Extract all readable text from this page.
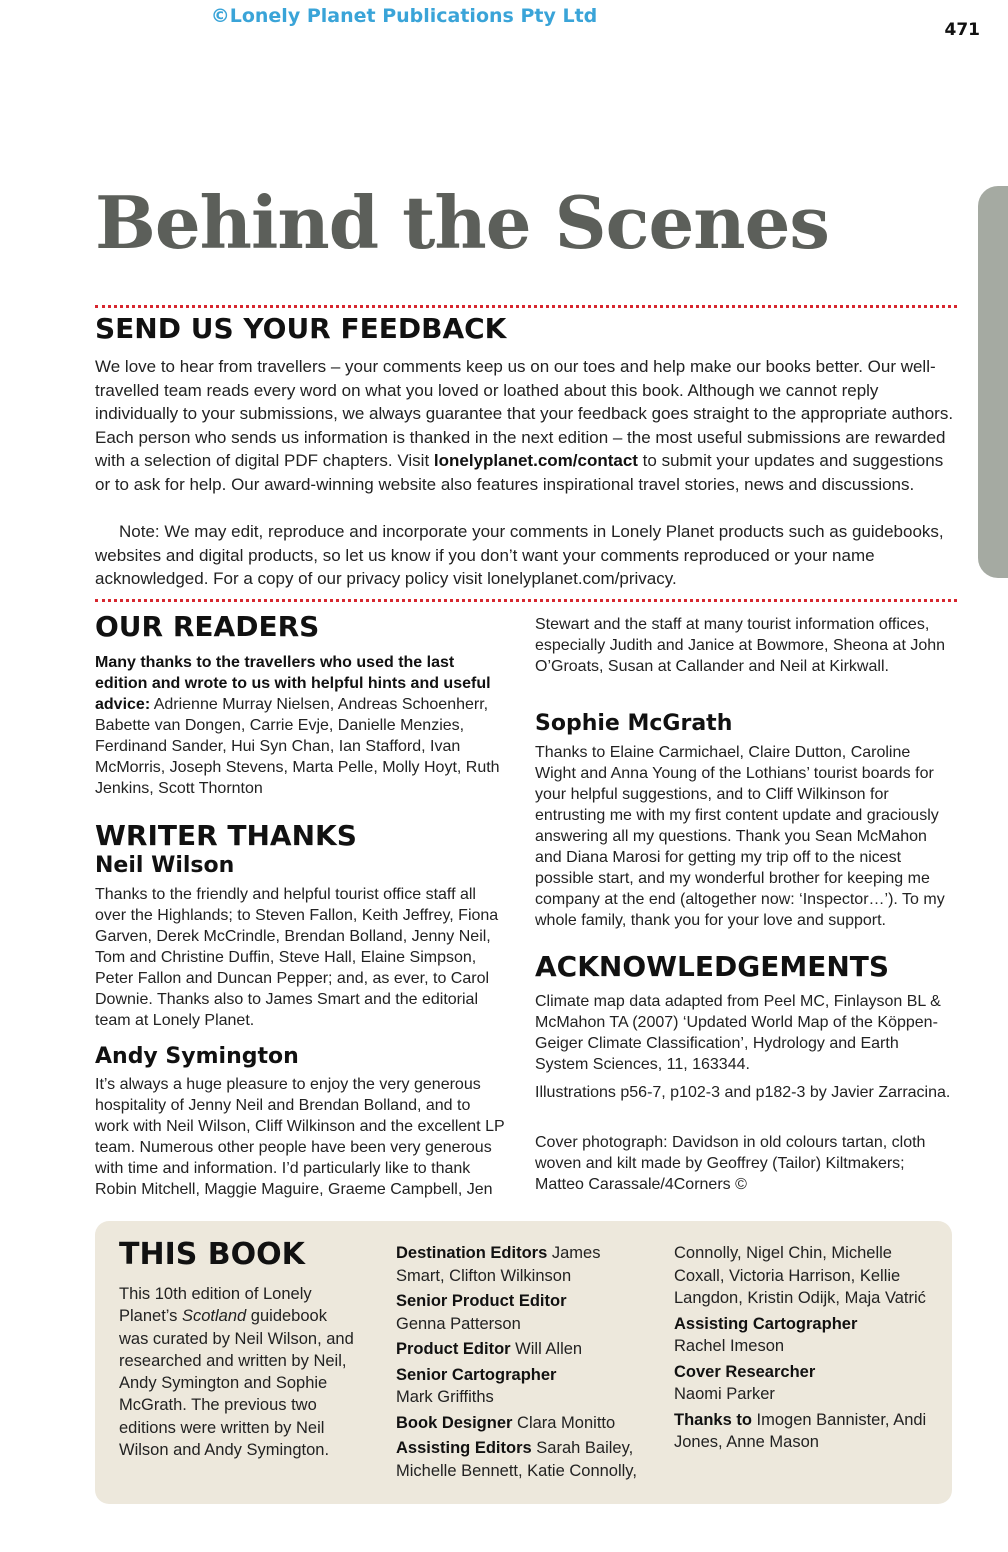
©Lonely Planet Publications Pty Ltd
471
Behind the Scenes
SEND US YOUR FEEDBACK

We love to hear from travellers – your comments keep us on our toes and help make our books better. Our well-travelled team reads every word on what you loved or loathed about this book. Although we cannot reply individually to your submissions, we always guarantee that your feedback goes straight to the appropriate authors. Each person who sends us information is thanked in the next edition – the most useful submissions are rewarded with a selection of digital PDF chapters. Visit lonelyplanet.com/contact to submit your updates and suggestions or to ask for help. Our award-winning website also features inspirational travel stories, news and discussions.

Note: We may edit, reproduce and incorporate your comments in Lonely Planet products such as guidebooks, websites and digital products, so let us know if you don’t want your comments reproduced or your name acknowledged. For a copy of our privacy policy visit lonelyplanet.com/privacy.

OUR READERS

Many thanks to the travellers who used the last edition and wrote to us with helpful hints and useful advice: Adrienne Murray Nielsen, Andreas Schoenherr, Babette van Dongen, Carrie Evje, Danielle Menzies, Ferdinand Sander, Hui Syn Chan, Ian Stafford, Ivan McMorris, Joseph Stevens, Marta Pelle, Molly Hoyt, Ruth Jenkins, Scott Thornton

WRITER THANKS
Neil Wilson

Thanks to the friendly and helpful tourist office staff all over the Highlands; to Steven Fallon, Keith Jeffrey, Fiona Garven, Derek McCrindle, Brendan Bolland, Jenny Neil, Tom and Christine Duffin, Steve Hall, Elaine Simpson, Peter Fallon and Duncan Pepper; and, as ever, to Carol Downie. Thanks also to James Smart and the editorial team at Lonely Planet.

Andy Symington

It’s always a huge pleasure to enjoy the very generous hospitality of Jenny Neil and Brendan Bolland, and to work with Neil Wilson, Cliff Wilkinson and the excellent LP team. Numerous other people have been very generous with time and information. I’d particularly like to thank Robin Mitchell, Maggie Maguire, Graeme Campbell, Jen

Stewart and the staff at many tourist information offices, especially Judith and Janice at Bowmore, Sheona at John O’Groats, Susan at Callander and Neil at Kirkwall.

Sophie McGrath

Thanks to Elaine Carmichael, Claire Dutton, Caroline Wight and Anna Young of the Lothians’ tourist boards for your helpful suggestions, and to Cliff Wilkinson for entrusting me with my first content update and graciously answering all my questions. Thank you Sean McMahon and Diana Marosi for getting my trip off to the nicest possible start, and my wonderful brother for keeping me company at the end (altogether now: ‘Inspector…’). To my whole family, thank you for your love and support.

ACKNOWLEDGEMENTS

Climate map data adapted from Peel MC, Finlayson BL & McMahon TA (2007) ‘Updated World Map of the Köppen-Geiger Climate Classification’, Hydrology and Earth System Sciences, 11, 163344.

Illustrations p56-7, p102-3 and p182-3 by Javier Zarracina.

Cover photograph: Davidson in old colours tartan, cloth woven and kilt made by Geoffrey (Tailor) Kiltmakers; Matteo Carassale/4Corners ©

THIS BOOK

This 10th edition of Lonely Planet’s Scotland guidebook was curated by Neil Wilson, and researched and written by Neil, Andy Symington and Sophie McGrath. The previous two editions were written by Neil Wilson and Andy Symington.

Destination Editors James Smart, Clifton Wilkinson

Senior Product Editor
Genna Patterson

Product Editor Will Allen

Senior Cartographer
Mark Griffiths

Book Designer Clara Monitto

Assisting Editors Sarah Bailey, Michelle Bennett, Katie Connolly,

Connolly, Nigel Chin, Michelle Coxall, Victoria Harrison, Kellie Langdon, Kristin Odijk, Maja Vatrić

Assisting Cartographer
Rachel Imeson

Cover Researcher
Naomi Parker

Thanks to Imogen Bannister, Andi Jones, Anne Mason
